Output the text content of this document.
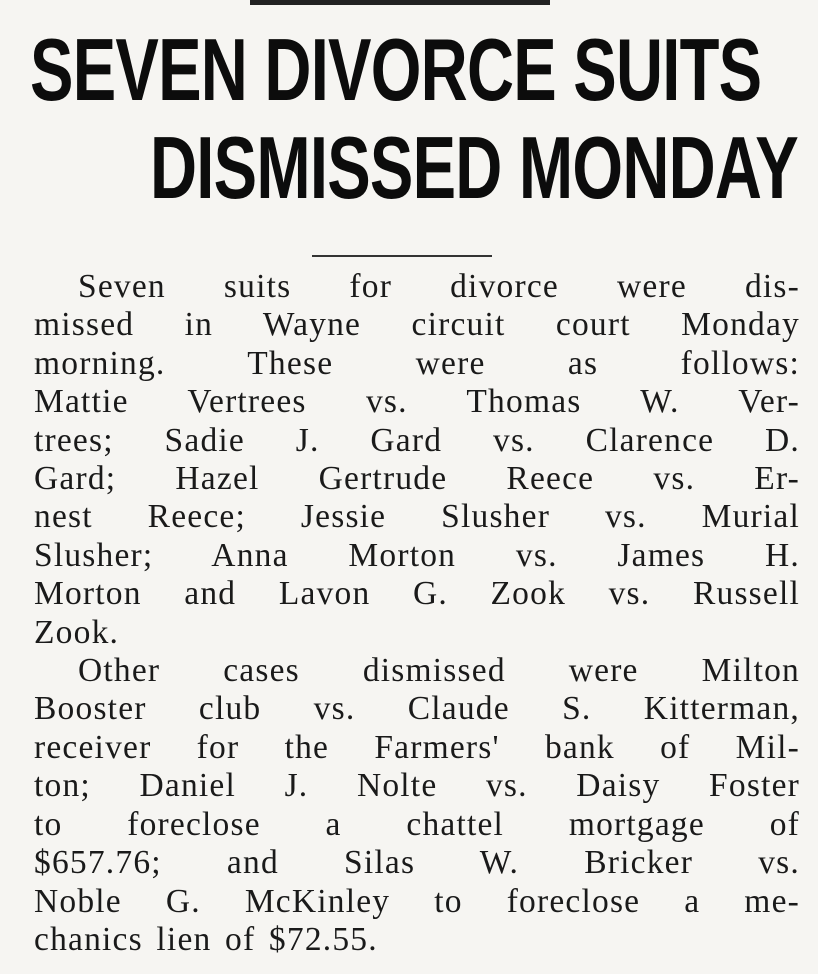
SEVEN DIVORCE SUITS
DISMISSED MONDAY

Seven suits for divorce were dis-
missed in Wayne circuit court Monday
morning. These were as follows:
Mattie Vertrees vs. Thomas W. Ver-
trees; Sadie J. Gard vs. Clarence D.
Gard; Hazel Gertrude Reece vs. Er-
nest Reece; Jessie Slusher vs. Murial
Slusher; Anna Morton vs. James H.
Morton and Lavon G. Zook vs. Russell
Zook.

Other cases dismissed were Milton
Booster club vs. Claude S. Kitterman,
receiver for the Farmers' bank of Mil-
ton; Daniel J. Nolte vs. Daisy Foster
to foreclose a chattel mortgage of
$657.76; and Silas W. Bricker vs.
Noble G. McKinley to foreclose a me-
chanics lien of $72.55.
